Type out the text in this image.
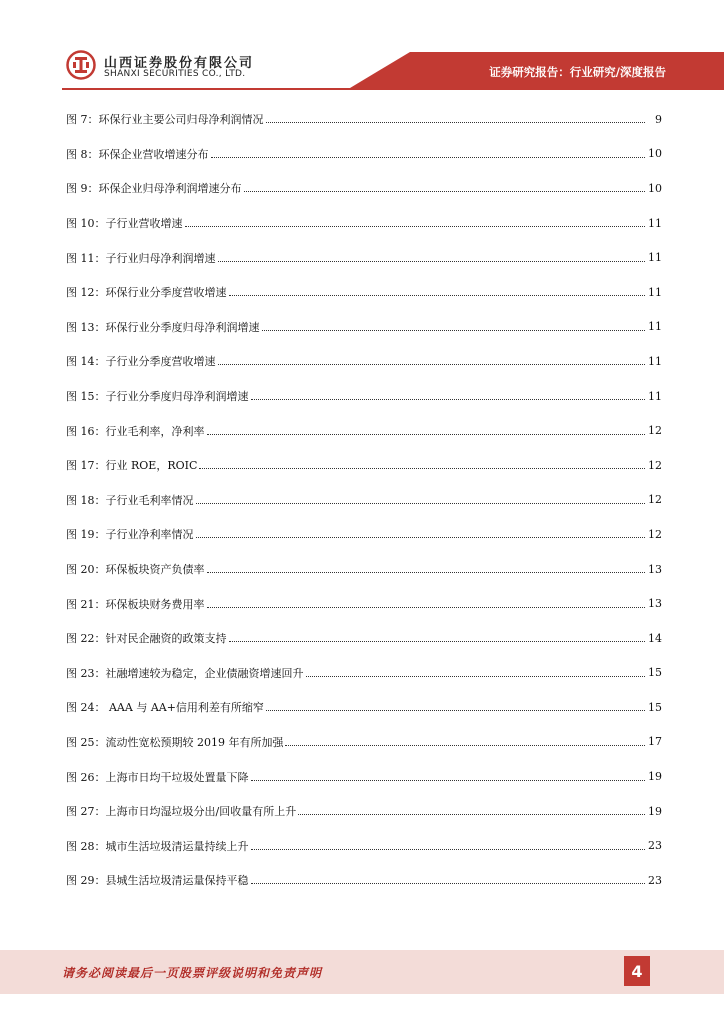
山西证券股份有限公司
SHANXI SECURITIES CO., LTD.	证券研究报告：行业研究/深度报告
图 7：环保行业主要公司归母净利润情况	9
图 8：环保企业营收增速分布	10
图 9：环保企业归母净利润增速分布	10
图 10：子行业营收增速	11
图 11：子行业归母净利润增速	11
图 12：环保行业分季度营收增速	11
图 13：环保行业分季度归母净利润增速	11
图 14：子行业分季度营收增速	11
图 15：子行业分季度归母净利润增速	11
图 16：行业毛利率，净利率	12
图 17：行业 ROE，ROIC	12
图 18：子行业毛利率情况	12
图 19：子行业净利率情况	12
图 20：环保板块资产负债率	13
图 21：环保板块财务费用率	13
图 22：针对民企融资的政策支持	14
图 23：社融增速较为稳定，企业债融资增速回升	15
图 24： AAA 与 AA+信用利差有所缩窄	15
图 25：流动性宽松预期较 2019 年有所加强	17
图 26：上海市日均干垃圾处置量下降	19
图 27：上海市日均湿垃圾分出/回收量有所上升	19
图 28：城市生活垃圾清运量持续上升	23
图 29：县城生活垃圾清运量保持平稳	23
请务必阅读最后一页股票评级说明和免责声明	4
